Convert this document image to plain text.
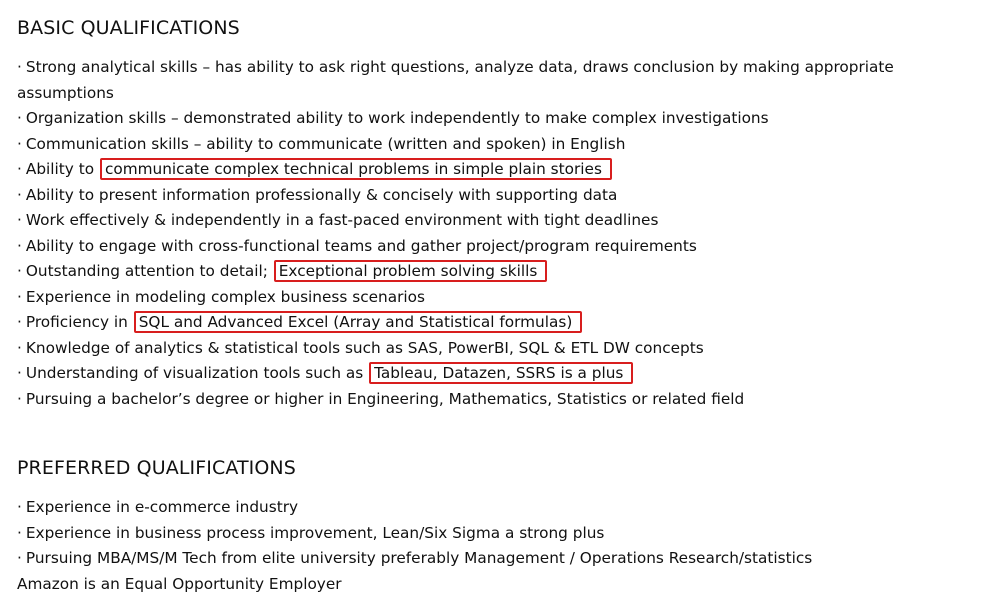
BASIC QUALIFICATIONS
· Strong analytical skills – has ability to ask right questions, analyze data, draws conclusion by making appropriate assumptions
· Organization skills – demonstrated ability to work independently to make complex investigations
· Communication skills – ability to communicate (written and spoken) in English
· Ability to communicate complex technical problems in simple plain stories
· Ability to present information professionally & concisely with supporting data
· Work effectively & independently in a fast-paced environment with tight deadlines
· Ability to engage with cross-functional teams and gather project/program requirements
· Outstanding attention to detail; Exceptional problem solving skills
· Experience in modeling complex business scenarios
· Proficiency in SQL and Advanced Excel (Array and Statistical formulas)
· Knowledge of analytics & statistical tools such as SAS, PowerBI, SQL & ETL DW concepts
· Understanding of visualization tools such as Tableau, Datazen, SSRS is a plus
· Pursuing a bachelor’s degree or higher in Engineering, Mathematics, Statistics or related field
PREFERRED QUALIFICATIONS
· Experience in e-commerce industry
· Experience in business process improvement, Lean/Six Sigma a strong plus
· Pursuing MBA/MS/M Tech from elite university preferably Management / Operations Research/statistics
Amazon is an Equal Opportunity Employer
